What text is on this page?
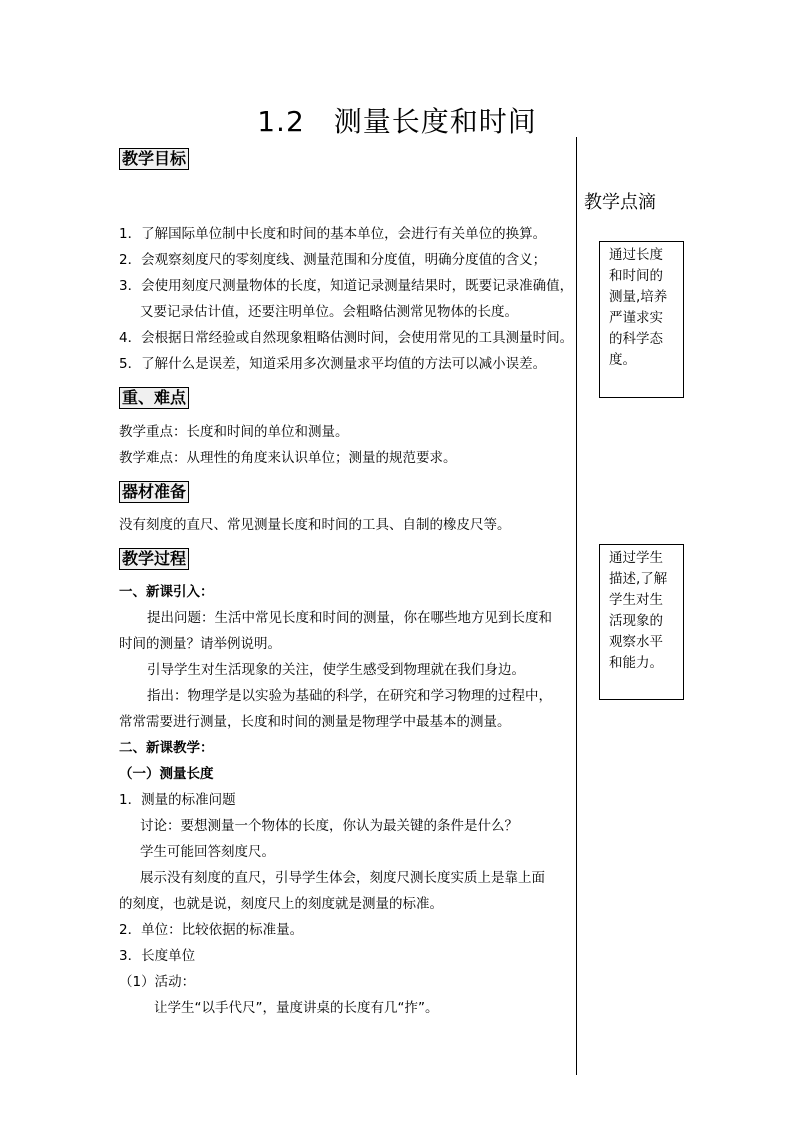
1.2　测量长度和时间
教学目标
1．了解国际单位制中长度和时间的基本单位，会进行有关单位的换算。
2．会观察刻度尺的零刻度线、测量范围和分度值，明确分度值的含义；
3．会使用刻度尺测量物体的长度，知道记录测量结果时，既要记录准确值，
又要记录估计值，还要注明单位。会粗略估测常见物体的长度。
4．会根据日常经验或自然现象粗略估测时间，会使用常见的工具测量时间。
5．了解什么是误差，知道采用多次测量求平均值的方法可以减小误差。
重、难点
教学重点：长度和时间的单位和测量。
教学难点：从理性的角度来认识单位；测量的规范要求。
器材准备
没有刻度的直尺、常见测量长度和时间的工具、自制的橡皮尺等。
教学过程
一、新课引入：
提出问题：生活中常见长度和时间的测量，你在哪些地方见到长度和
时间的测量？请举例说明。
引导学生对生活现象的关注，使学生感受到物理就在我们身边。
指出：物理学是以实验为基础的科学，在研究和学习物理的过程中，
常常需要进行测量，长度和时间的测量是物理学中最基本的测量。
二、新课教学：
（一）测量长度
1．测量的标准问题
讨论：要想测量一个物体的长度，你认为最关键的条件是什么？
学生可能回答刻度尺。
展示没有刻度的直尺，引导学生体会，刻度尺测长度实质上是靠上面
的刻度，也就是说，刻度尺上的刻度就是测量的标准。
2．单位：比较依据的标准量。
3．长度单位
（1）活动：
让学生“以手代尺”，量度讲桌的长度有几“拃”。
教学点滴
通过长度
和时间的
测量,培养
严谨求实
的科学态
度。
通过学生
描述,了解
学生对生
活现象的
观察水平
和能力。
